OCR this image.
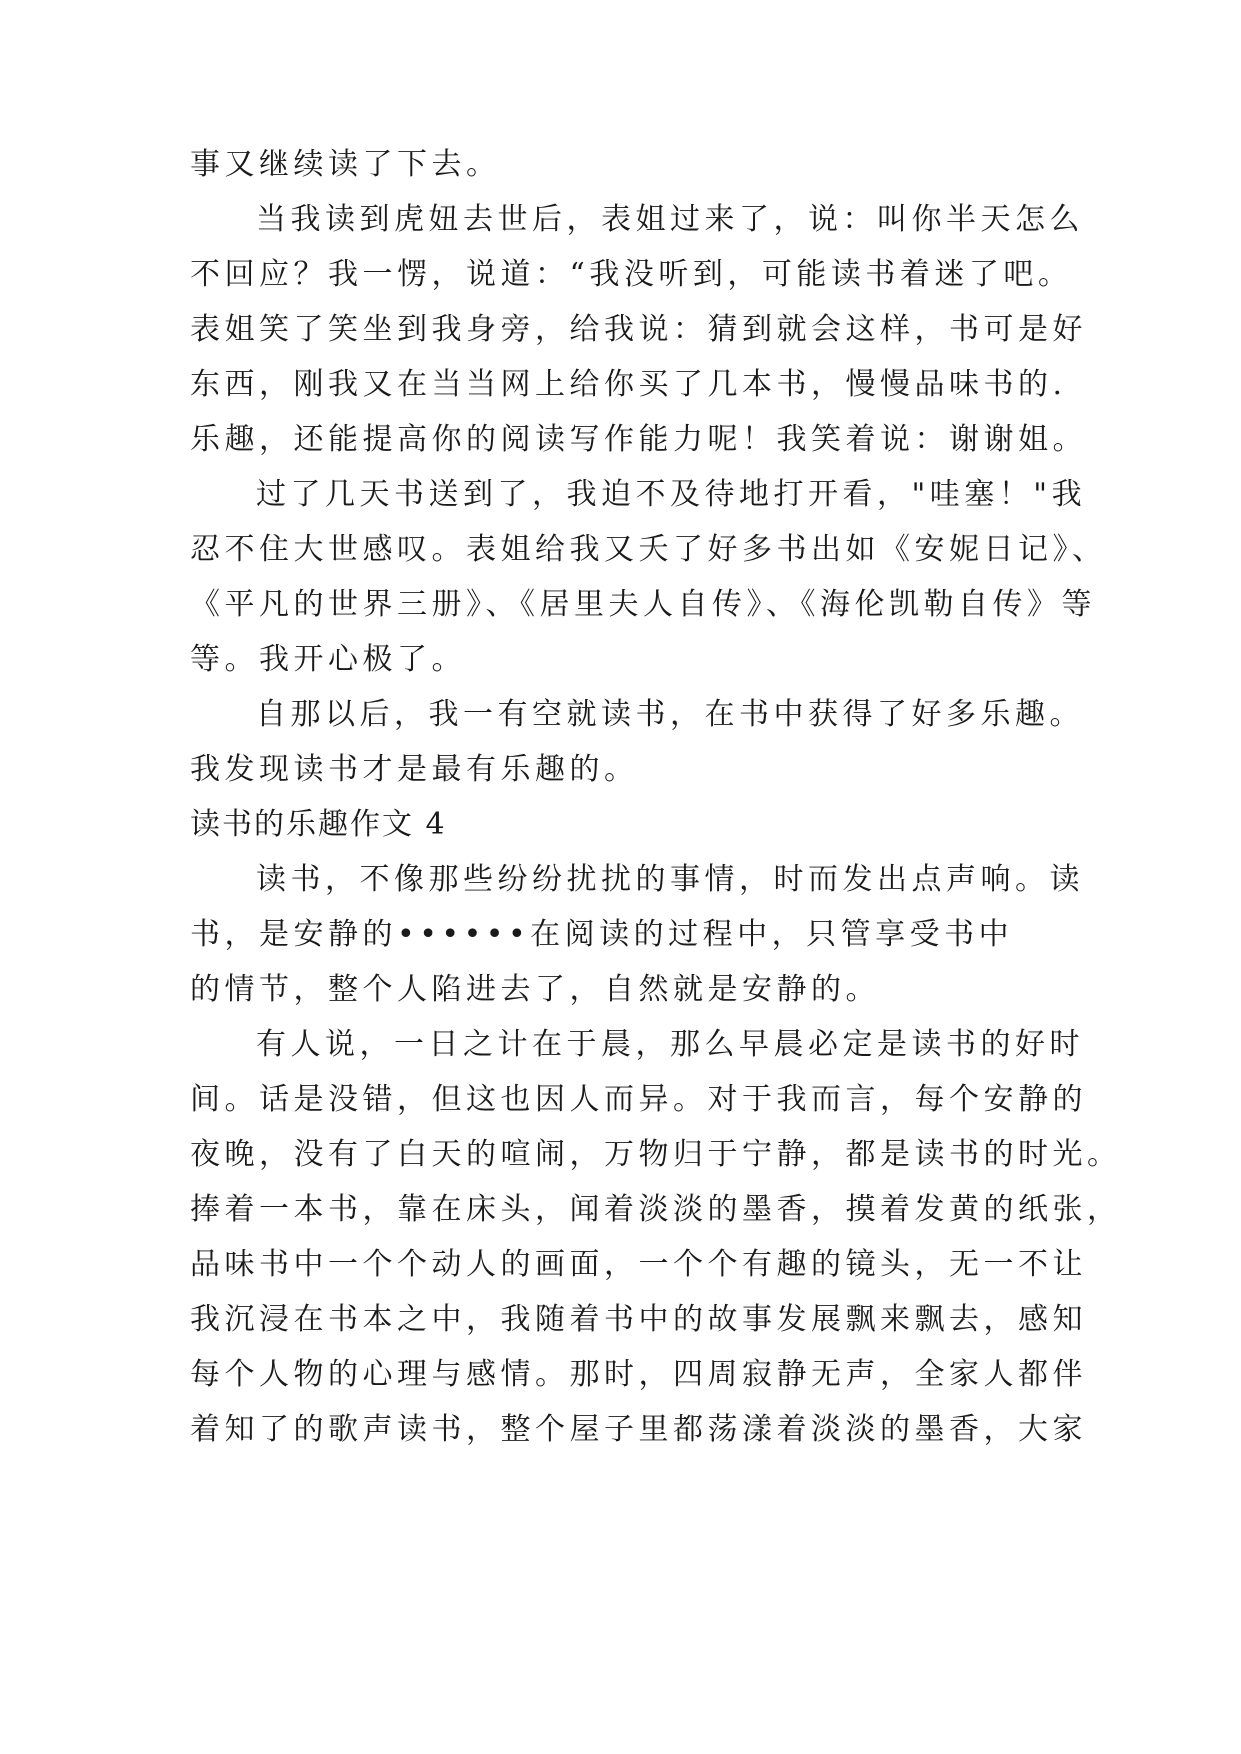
事又继续读了下去。
当我读到虎妞去世后，表姐过来了，说：叫你半天怎么
不回应？我一愣，说道：“我没听到，可能读书着迷了吧。
表姐笑了笑坐到我身旁，给我说：猜到就会这样，书可是好
东西，刚我又在当当网上给你买了几本书，慢慢品味书的.
乐趣，还能提高你的阅读写作能力呢！我笑着说：谢谢姐。
过了几天书送到了，我迫不及待地打开看，"哇塞！"我
忍不住大世感叹。表姐给我又夭了好多书出如《安妮日记》、
《平凡的世界三册》、《居里夫人自传》、《海伦凯勒自传》等
等。我开心极了。
自那以后，我一有空就读书，在书中获得了好多乐趣。
我发现读书才是最有乐趣的。
读书的乐趣作文 4
读书，不像那些纷纷扰扰的事情，时而发出点声响。读
书，是安静的••••••在阅读的过程中，只管享受书中
的情节，整个人陷进去了，自然就是安静的。
有人说，一日之计在于晨，那么早晨必定是读书的好时
间。话是没错，但这也因人而异。对于我而言，每个安静的
夜晚，没有了白天的喧闹，万物归于宁静，都是读书的时光。
捧着一本书，靠在床头，闻着淡淡的墨香，摸着发黄的纸张，
品味书中一个个动人的画面，一个个有趣的镜头，无一不让
我沉浸在书本之中，我随着书中的故事发展飘来飘去，感知
每个人物的心理与感情。那时，四周寂静无声，全家人都伴
着知了的歌声读书，整个屋子里都荡漾着淡淡的墨香，大家
